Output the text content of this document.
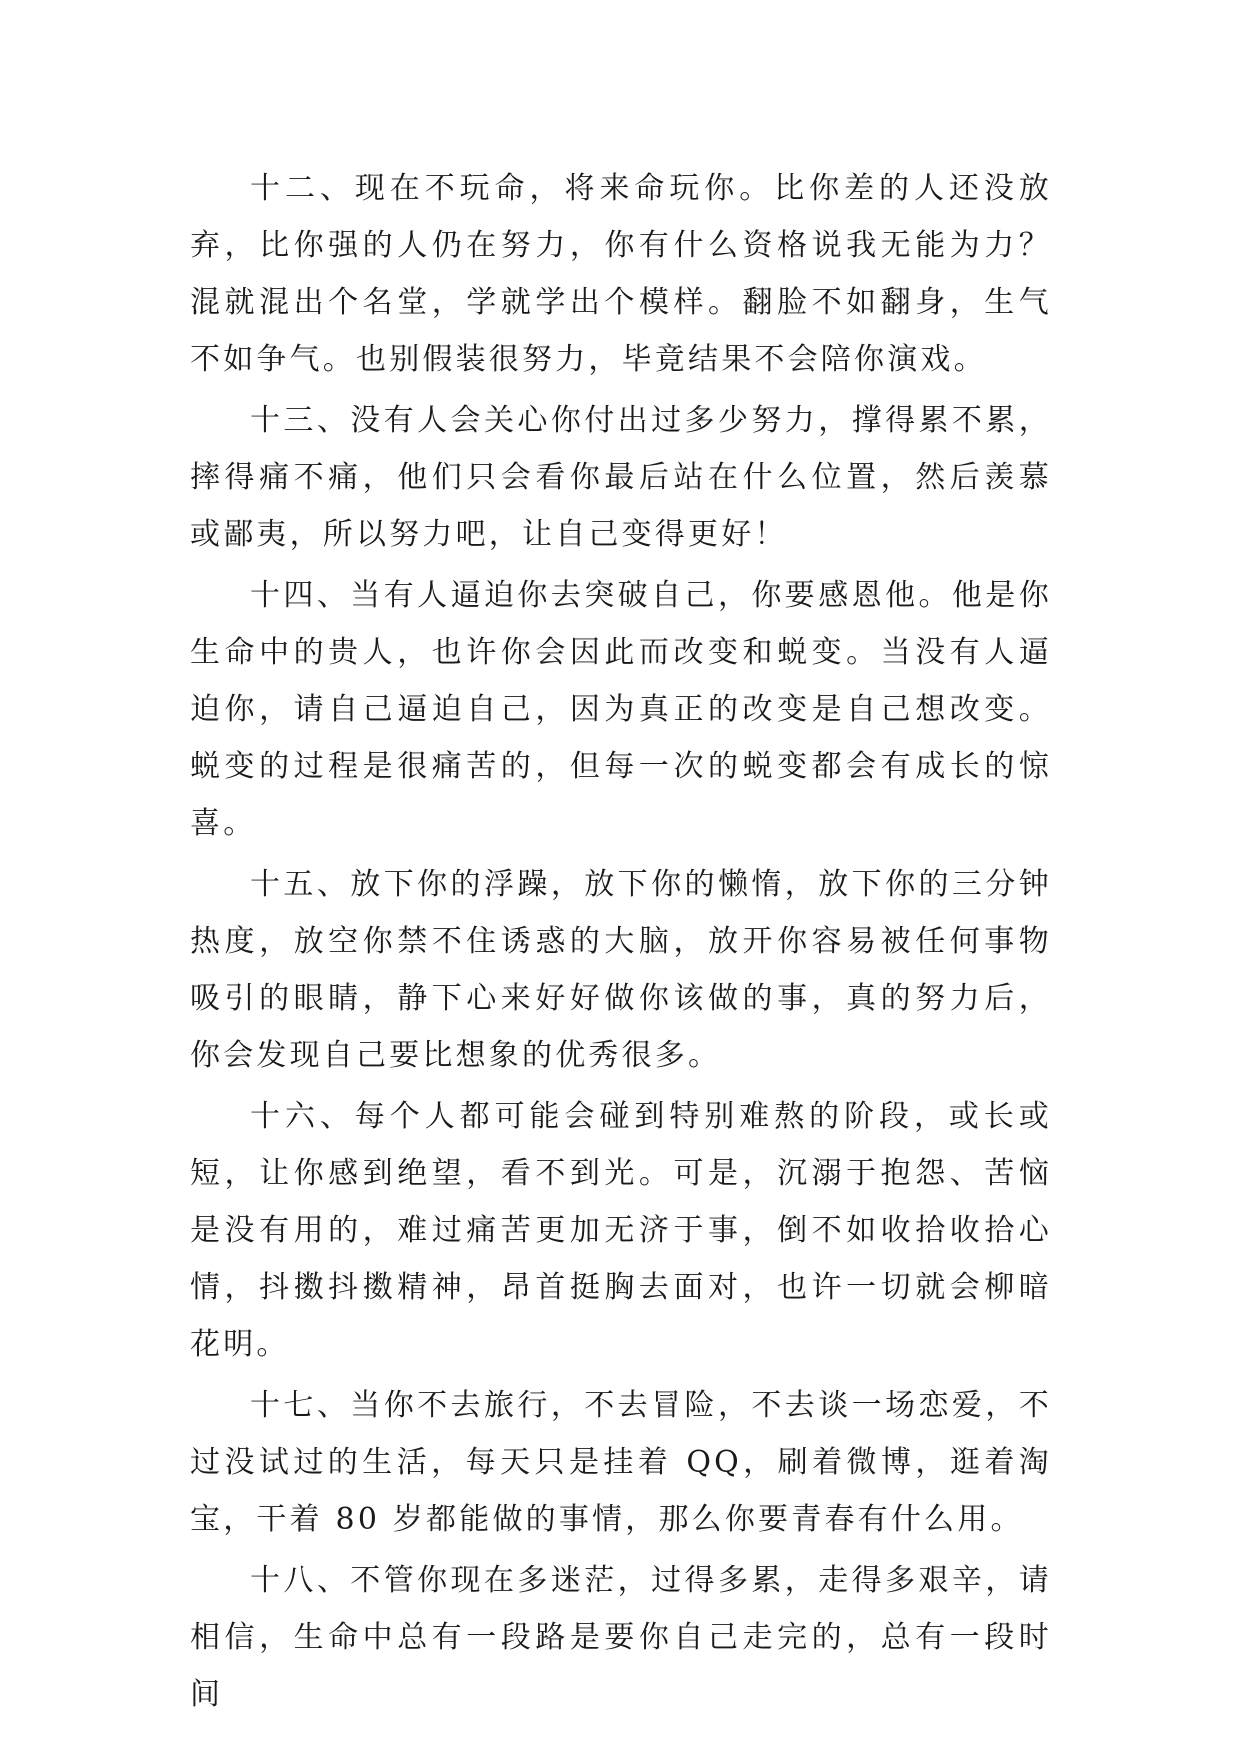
十二、现在不玩命，将来命玩你。比你差的人还没放弃，比你强的人仍在努力，你有什么资格说我无能为力？混就混出个名堂，学就学出个模样。翻脸不如翻身，生气不如争气。也别假装很努力，毕竟结果不会陪你演戏。

十三、没有人会关心你付出过多少努力，撑得累不累，摔得痛不痛，他们只会看你最后站在什么位置，然后羡慕或鄙夷，所以努力吧，让自己变得更好！

十四、当有人逼迫你去突破自己，你要感恩他。他是你生命中的贵人，也许你会因此而改变和蜕变。当没有人逼迫你，请自己逼迫自己，因为真正的改变是自己想改变。蜕变的过程是很痛苦的，但每一次的蜕变都会有成长的惊喜。

十五、放下你的浮躁，放下你的懒惰，放下你的三分钟热度，放空你禁不住诱惑的大脑，放开你容易被任何事物吸引的眼睛，静下心来好好做你该做的事，真的努力后，你会发现自己要比想象的优秀很多。

十六、每个人都可能会碰到特别难熬的阶段，或长或短，让你感到绝望，看不到光。可是，沉溺于抱怨、苦恼是没有用的，难过痛苦更加无济于事，倒不如收拾收拾心情，抖擞抖擞精神，昂首挺胸去面对，也许一切就会柳暗花明。

十七、当你不去旅行，不去冒险，不去谈一场恋爱，不过没试过的生活，每天只是挂着 QQ，刷着微博，逛着淘宝，干着 80 岁都能做的事情，那么你要青春有什么用。

十八、不管你现在多迷茫，过得多累，走得多艰辛，请相信，生命中总有一段路是要你自己走完的，总有一段时间
